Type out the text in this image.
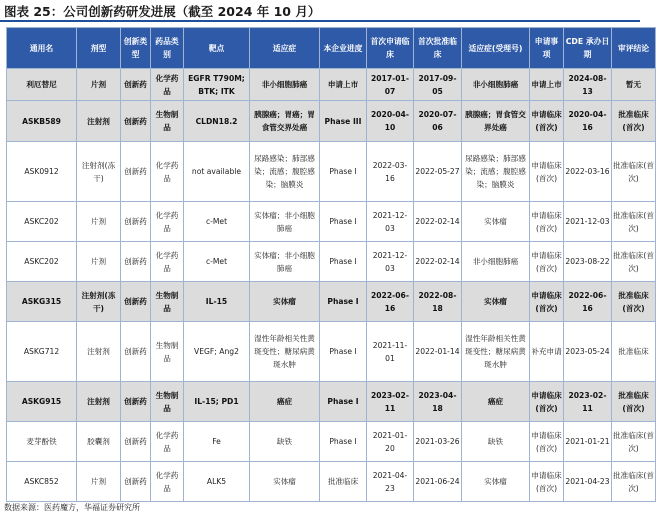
图表 25：公司创新药研发进展（截至 2024 年 10 月）
通用名	剂型	创新类型	药品类别	靶点	适应症	本企业进度	首次申请临床	首次批准临床	适应症(受理号)	申请事项	CDE 承办日期	审评结论
利厄替尼	片剂	创新药	化学药品	EGFR T790M; BTK; ITK	非小细胞肺癌	申请上市	2017-01-07	2017-09-05	非小细胞肺癌	申请上市	2024-08-13	暂无
ASKB589	注射剂	创新药	生物制品	CLDN18.2	胰腺癌；胃癌；胃食管交界处癌	Phase III	2020-04-10	2020-07-06	胰腺癌；胃食管交界处癌	申请临床(首次)	2020-04-16	批准临床(首次)
ASK0912	注射剂(冻干)	创新药	化学药品	not available	尿路感染；肺部感染；流感；腹腔感染；脑膜炎	Phase I	2022-03-16	2022-05-27	尿路感染；肺部感染；流感；腹腔感染；脑膜炎	申请临床(首次)	2022-03-16	批准临床(首次)
ASKC202	片剂	创新药	化学药品	c-Met	实体瘤；非小细胞肺癌	Phase I	2021-12-03	2022-02-14	实体瘤	申请临床(首次)	2021-12-03	批准临床(首次)
ASKC202	片剂	创新药	化学药品	c-Met	实体瘤；非小细胞肺癌	Phase I	2021-12-03	2022-02-14	非小细胞肺癌	申请临床(首次)	2023-08-22	批准临床(首次)
ASKG315	注射剂(冻干)	创新药	生物制品	IL-15	实体瘤	Phase I	2022-06-16	2022-08-18	实体瘤	申请临床(首次)	2022-06-16	批准临床(首次)
ASKG712	注射剂	创新药	生物制品	VEGF; Ang2	湿性年龄相关性黄斑变性；糖尿病黄斑水肿	Phase I	2021-11-01	2022-01-14	湿性年龄相关性黄斑变性；糖尿病黄斑水肿	补充申请	2023-05-24	批准临床
ASKG915	注射剂	创新药	生物制品	IL-15; PD1	癌症	Phase I	2023-02-11	2023-04-18	癌症	申请临床(首次)	2023-02-11	批准临床(首次)
麦芽酚铁	胶囊剂	创新药	化学药品	Fe	缺铁	Phase I	2021-01-20	2021-03-26	缺铁	申请临床(首次)	2021-01-21	批准临床(首次)
ASKC852	片剂	创新药	化学药品	ALK5	实体瘤	批准临床	2021-04-23	2021-06-24	实体瘤	申请临床(首次)	2021-04-23	批准临床(首次)
数据来源：医药魔方，华福证券研究所
